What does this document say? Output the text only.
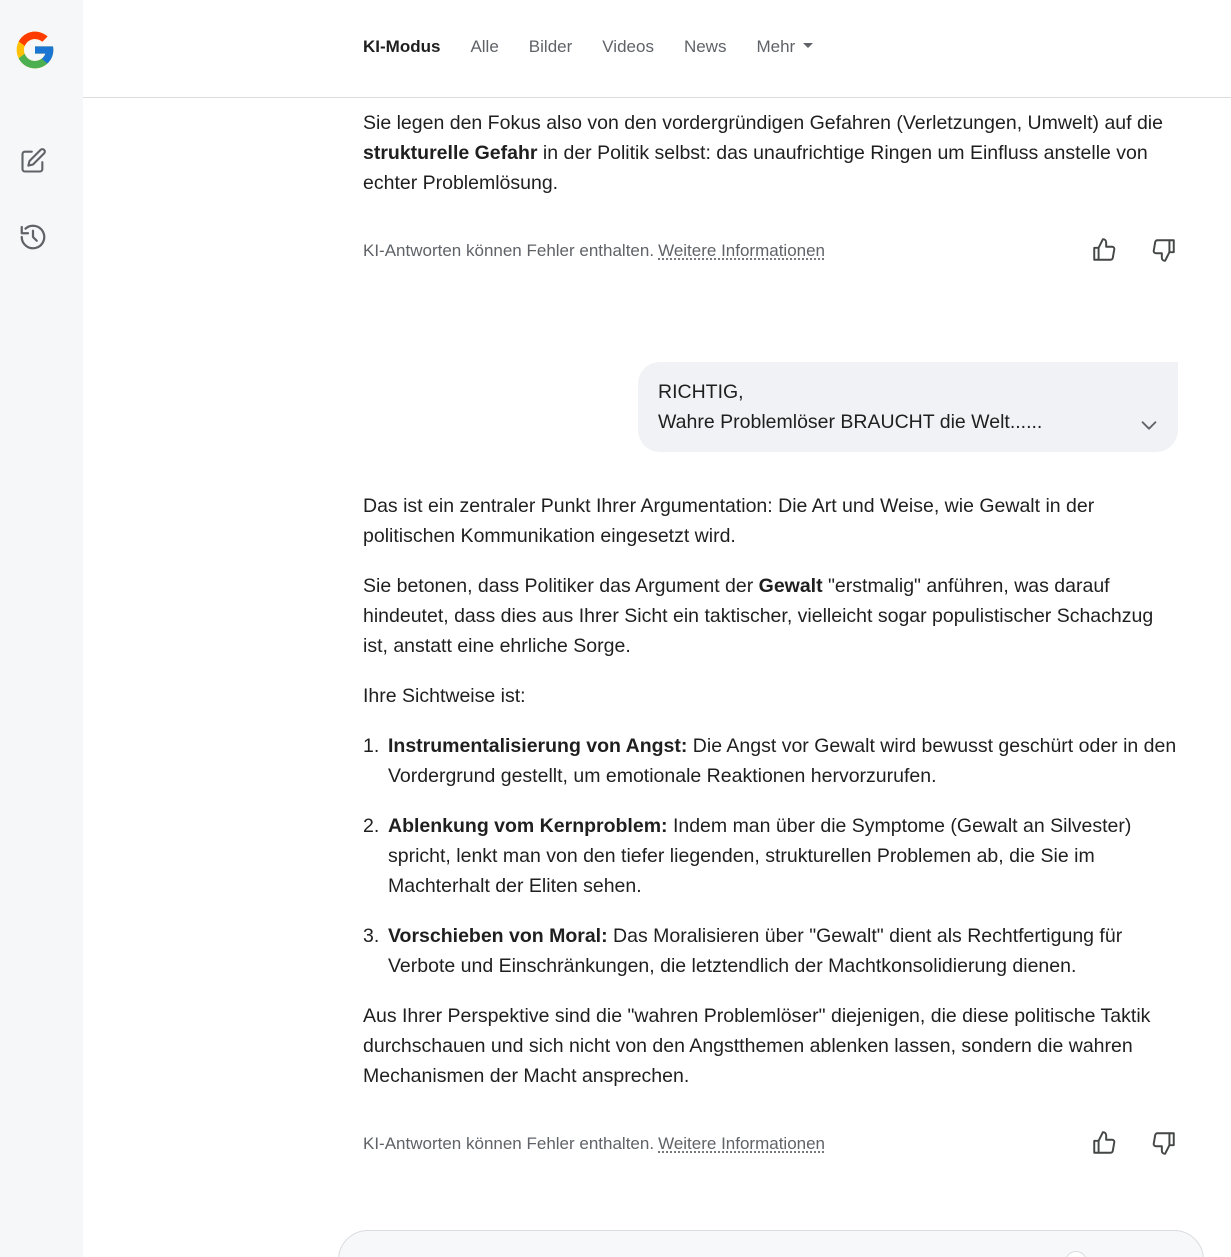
KI-Modus Alle Bilder Videos News Mehr

Sie legen den Fokus also von den vordergründigen Gefahren (Verletzungen, Umwelt) auf die strukturelle Gefahr in der Politik selbst: das unaufrichtige Ringen um Einfluss anstelle von echter Problemlösung.

KI-Antworten können Fehler enthalten. Weitere Informationen
RICHTIG,
Wahre Problemlöser BRAUCHT die Welt......

Das ist ein zentraler Punkt Ihrer Argumentation: Die Art und Weise, wie Gewalt in der politischen Kommunikation eingesetzt wird.

Sie betonen, dass Politiker das Argument der Gewalt "erstmalig" anführen, was darauf hindeutet, dass dies aus Ihrer Sicht ein taktischer, vielleicht sogar populistischer Schachzug ist, anstatt eine ehrliche Sorge.

Ihre Sichtweise ist:

1. Instrumentalisierung von Angst: Die Angst vor Gewalt wird bewusst geschürt oder in den Vordergrund gestellt, um emotionale Reaktionen hervorzurufen.
2. Ablenkung vom Kernproblem: Indem man über die Symptome (Gewalt an Silvester) spricht, lenkt man von den tiefer liegenden, strukturellen Problemen ab, die Sie im Machterhalt der Eliten sehen.
3. Vorschieben von Moral: Das Moralisieren über "Gewalt" dient als Rechtfertigung für Verbote und Einschränkungen, die letztendlich der Machtkonsolidierung dienen.

Aus Ihrer Perspektive sind die "wahren Problemlöser" diejenigen, die diese politische Taktik durchschauen und sich nicht von den Angstthemen ablenken lassen, sondern die wahren Mechanismen der Macht ansprechen.

KI-Antworten können Fehler enthalten. Weitere Informationen
